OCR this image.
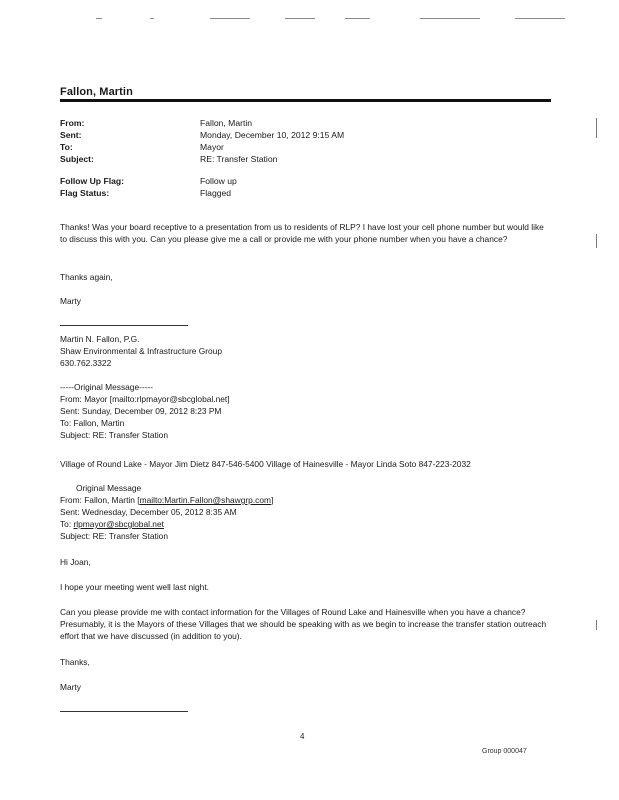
Fallon, Martin
From:	Fallon, Martin
Sent:	Monday, December 10, 2012 9:15 AM
To:	Mayor
Subject:	RE: Transfer Station
Follow Up Flag:	Follow up
Flag Status:	Flagged
Thanks! Was your board receptive to a presentation from us to residents of RLP? I have lost your cell phone number but would like to discuss this with you. Can you please give me a call or provide me with your phone number when you have a chance?
Thanks again,
Marty
Martin N. Fallon, P.G.
Shaw Environmental & Infrastructure Group
630.762.3322
-----Original Message-----
From: Mayor [mailto:rlpmayor@sbcglobal.net]
Sent: Sunday, December 09, 2012 8:23 PM
To: Fallon, Martin
Subject: RE: Transfer Station
Village of Round Lake - Mayor Jim Dietz 847-546-5400 Village of Hainesville - Mayor Linda Soto 847-223-2032
Original Message
From: Fallon, Martin [mailto:Martin.Fallon@shawgrp.com]
Sent: Wednesday, December 05, 2012 8:35 AM
To: rlpmayor@sbcglobal.net
Subject: RE: Transfer Station
Hi Joan,
I hope your meeting went well last night.
Can you please provide me with contact information for the Villages of Round Lake and Hainesville when you have a chance? Presumably, it is the Mayors of these Villages that we should be speaking with as we begin to increase the transfer station outreach effort that we have discussed (in addition to you).
Thanks,
Marty
4
Group 000047
